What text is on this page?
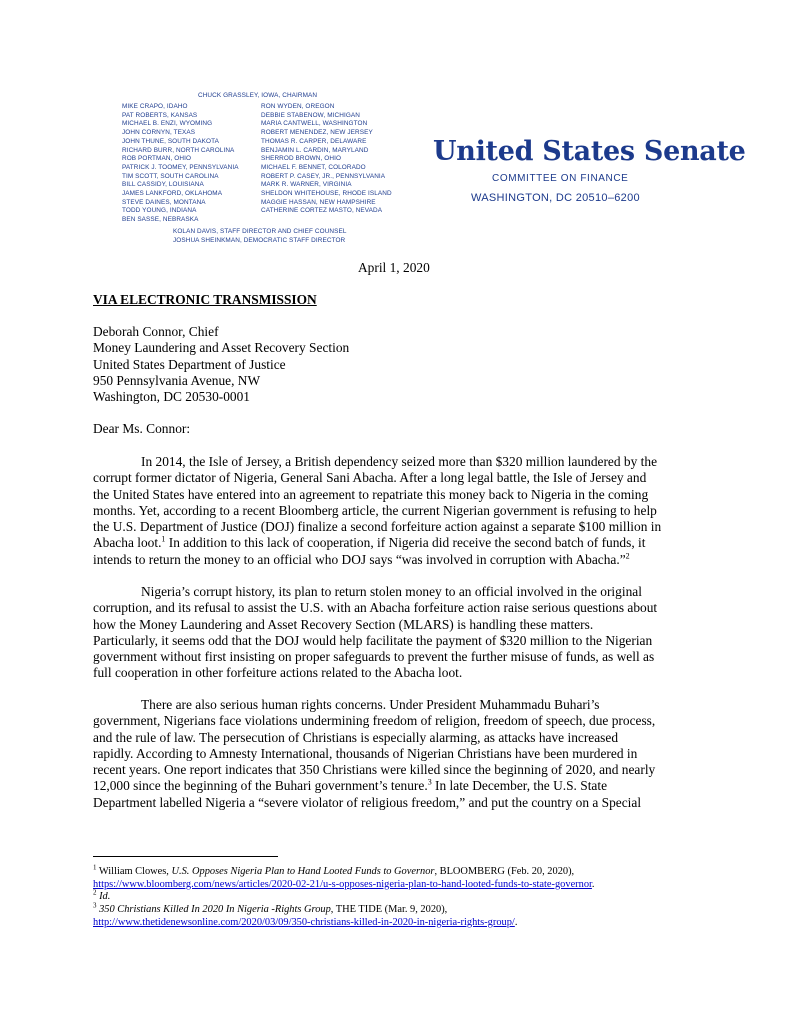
CHUCK GRASSLEY, IOWA, CHAIRMAN
MIKE CRAPO, IDAHO
PAT ROBERTS, KANSAS
MICHAEL B. ENZI, WYOMING
JOHN CORNYN, TEXAS
JOHN THUNE, SOUTH DAKOTA
RICHARD BURR, NORTH CAROLINA
ROB PORTMAN, OHIO
PATRICK J. TOOMEY, PENNSYLVANIA
TIM SCOTT, SOUTH CAROLINA
BILL CASSIDY, LOUISIANA
JAMES LANKFORD, OKLAHOMA
STEVE DAINES, MONTANA
TODD YOUNG, INDIANA
BEN SASSE, NEBRASKA
RON WYDEN, OREGON
DEBBIE STABENOW, MICHIGAN
MARIA CANTWELL, WASHINGTON
ROBERT MENENDEZ, NEW JERSEY
THOMAS R. CARPER, DELAWARE
BENJAMIN L. CARDIN, MARYLAND
SHERROD BROWN, OHIO
MICHAEL F. BENNET, COLORADO
ROBERT P. CASEY, JR., PENNSYLVANIA
MARK R. WARNER, VIRGINIA
SHELDON WHITEHOUSE, RHODE ISLAND
MAGGIE HASSAN, NEW HAMPSHIRE
CATHERINE CORTEZ MASTO, NEVADA
KOLAN DAVIS, STAFF DIRECTOR AND CHIEF COUNSEL
JOSHUA SHEINKMAN, DEMOCRATIC STAFF DIRECTOR
United States Senate
COMMITTEE ON FINANCE
WASHINGTON, DC 20510–6200
April 1, 2020
VIA ELECTRONIC TRANSMISSION
Deborah Connor, Chief
Money Laundering and Asset Recovery Section
United States Department of Justice
950 Pennsylvania Avenue, NW
Washington, DC 20530-0001
Dear Ms. Connor:
In 2014, the Isle of Jersey, a British dependency seized more than $320 million laundered by the
corrupt former dictator of Nigeria, General Sani Abacha. After a long legal battle, the Isle of Jersey and
the United States have entered into an agreement to repatriate this money back to Nigeria in the coming
months. Yet, according to a recent Bloomberg article, the current Nigerian government is refusing to help
the U.S. Department of Justice (DOJ) finalize a second forfeiture action against a separate $100 million in
Abacha loot.$^1$ In addition to this lack of cooperation, if Nigeria did receive the second batch of funds, it
intends to return the money to an official who DOJ says “was involved in corruption with Abacha.”$^2$
Nigeria’s corrupt history, its plan to return stolen money to an official involved in the original
corruption, and its refusal to assist the U.S. with an Abacha forfeiture action raise serious questions about
how the Money Laundering and Asset Recovery Section (MLARS) is handling these matters.
Particularly, it seems odd that the DOJ would help facilitate the payment of $320 million to the Nigerian
government without first insisting on proper safeguards to prevent the further misuse of funds, as well as
full cooperation in other forfeiture actions related to the Abacha loot.
There are also serious human rights concerns. Under President Muhammadu Buhari’s
government, Nigerians face violations undermining freedom of religion, freedom of speech, due process,
and the rule of law. The persecution of Christians is especially alarming, as attacks have increased
rapidly. According to Amnesty International, thousands of Nigerian Christians have been murdered in
recent years. One report indicates that 350 Christians were killed since the beginning of 2020, and nearly
12,000 since the beginning of the Buhari government’s tenure.$^3$ In late December, the U.S. State
Department labelled Nigeria a “severe violator of religious freedom,” and put the country on a Special
$^1$ William Clowes, U.S. Opposes Nigeria Plan to Hand Looted Funds to Governor, BLOOMBERG (Feb. 20, 2020),
https://www.bloomberg.com/news/articles/2020-02-21/u-s-opposes-nigeria-plan-to-hand-looted-funds-to-state-governor.
$^2$ Id.
$^3$ 350 Christians Killed In 2020 In Nigeria -Rights Group, THE TIDE (Mar. 9, 2020),
http://www.thetidenewsonline.com/2020/03/09/350-christians-killed-in-2020-in-nigeria-rights-group/.
